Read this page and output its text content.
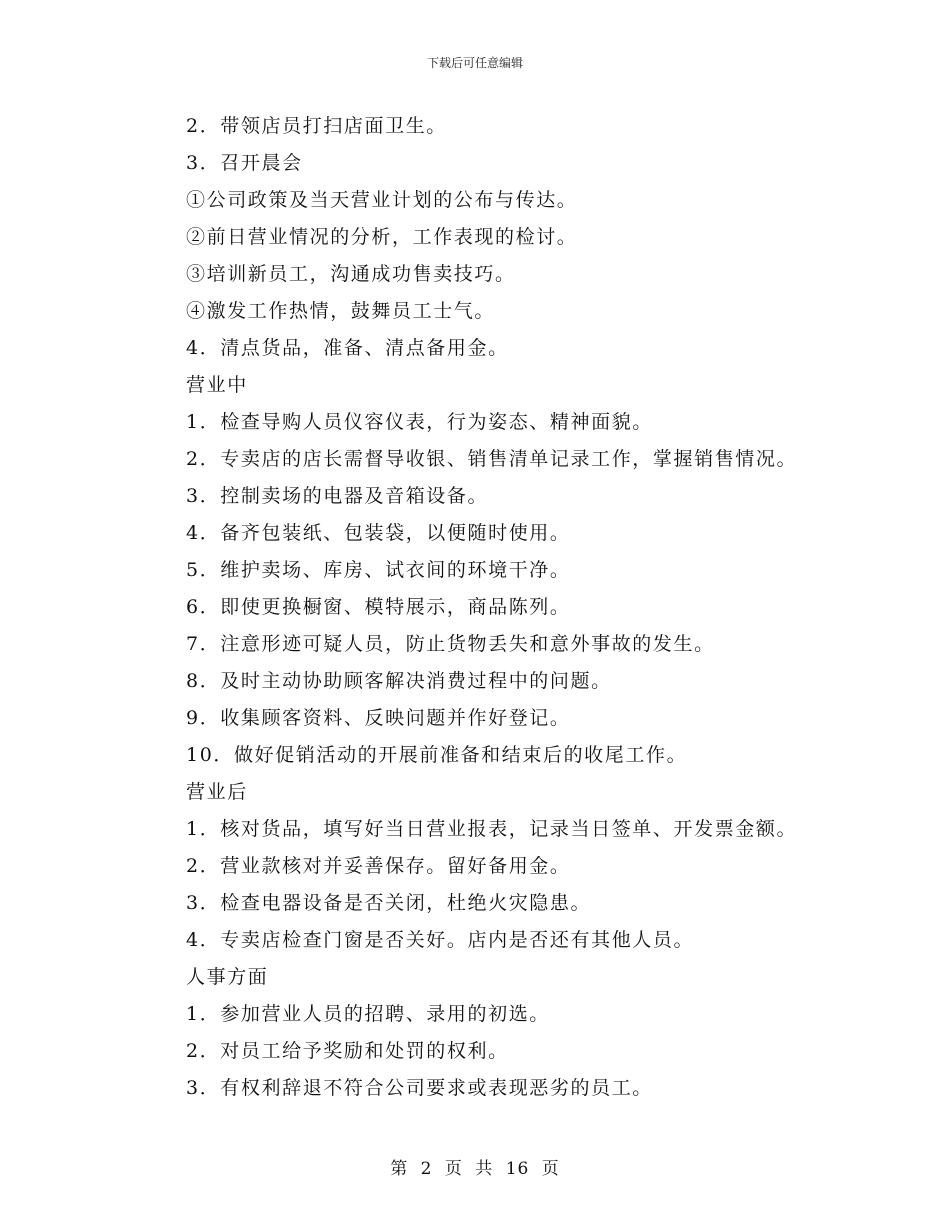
下载后可任意编辑
2．带领店员打扫店面卫生。
3．召开晨会
①公司政策及当天营业计划的公布与传达。
②前日营业情况的分析，工作表现的检讨。
③培训新员工，沟通成功售卖技巧。
④激发工作热情，鼓舞员工士气。
4．清点货品，准备、清点备用金。
营业中
1．检查导购人员仪容仪表，行为姿态、精神面貌。
2．专卖店的店长需督导收银、销售清单记录工作，掌握销售情况。
3．控制卖场的电器及音箱设备。
4．备齐包装纸、包装袋，以便随时使用。
5．维护卖场、库房、试衣间的环境干净。
6．即使更换橱窗、模特展示，商品陈列。
7．注意形迹可疑人员，防止货物丢失和意外事故的发生。
8．及时主动协助顾客解决消费过程中的问题。
9．收集顾客资料、反映问题并作好登记。
10．做好促销活动的开展前准备和结束后的收尾工作。
营业后
1．核对货品，填写好当日营业报表，记录当日签单、开发票金额。
2．营业款核对并妥善保存。留好备用金。
3．检查电器设备是否关闭，杜绝火灾隐患。
4．专卖店检查门窗是否关好。店内是否还有其他人员。
人事方面
1．参加营业人员的招聘、录用的初选。
2．对员工给予奖励和处罚的权利。
3．有权利辞退不符合公司要求或表现恶劣的员工。
第 2 页 共 16 页
